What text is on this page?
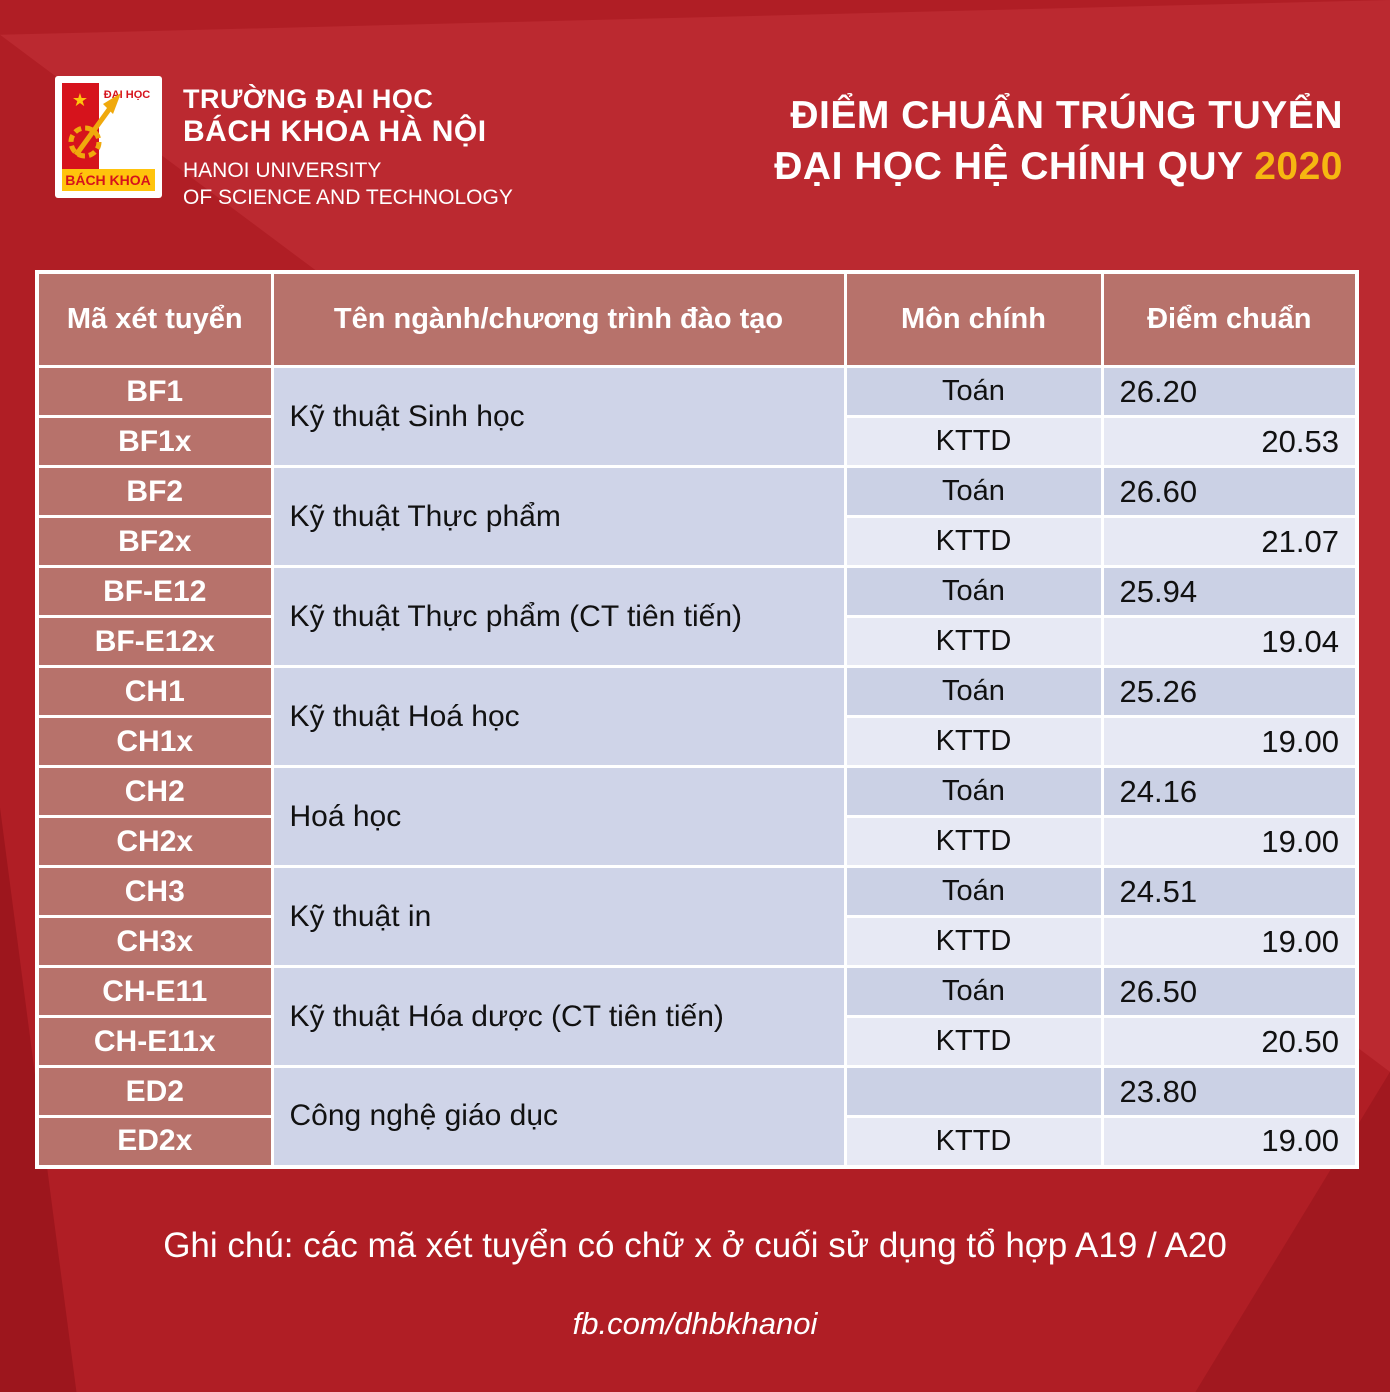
★ ĐẠI HỌC
BÁCH KHOA
TRƯỜNG ĐẠI HỌC
BÁCH KHOA HÀ NỘI
HANOI UNIVERSITY
OF SCIENCE AND TECHNOLOGY
ĐIỂM CHUẨN TRÚNG TUYỂN
ĐẠI HỌC HỆ CHÍNH QUY 2020
Mã xét tuyển	Tên ngành/chương trình đào tạo	Môn chính	Điểm chuẩn
BF1	Kỹ thuật Sinh học	Toán	26.20
BF1x		KTTD	20.53
BF2	Kỹ thuật Thực phẩm	Toán	26.60
BF2x		KTTD	21.07
BF-E12	Kỹ thuật Thực phẩm (CT tiên tiến)	Toán	25.94
BF-E12x		KTTD	19.04
CH1	Kỹ thuật Hoá học	Toán	25.26
CH1x		KTTD	19.00
CH2	Hoá học	Toán	24.16
CH2x		KTTD	19.00
CH3	Kỹ thuật in	Toán	24.51
CH3x		KTTD	19.00
CH-E11	Kỹ thuật Hóa dược (CT tiên tiến)	Toán	26.50
CH-E11x		KTTD	20.50
ED2	Công nghệ giáo dục		23.80
ED2x		KTTD	19.00
Ghi chú: các mã xét tuyển có chữ x ở cuối sử dụng tổ hợp A19 / A20
fb.com/dhbkhanoi
